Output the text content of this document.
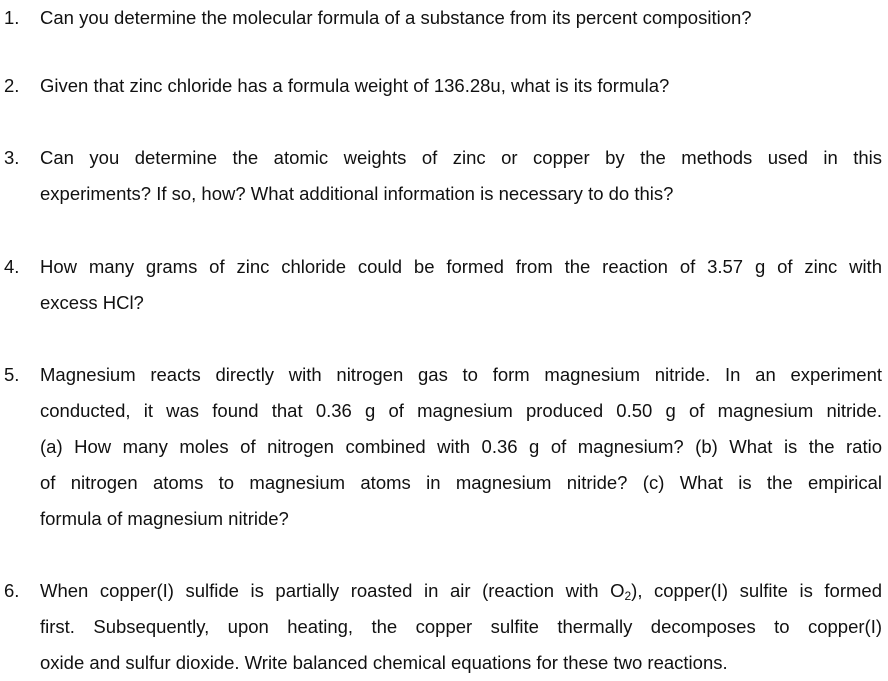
1. Can you determine the molecular formula of a substance from its percent composition?
2. Given that zinc chloride has a formula weight of 136.28u, what is its formula?
3. Can you determine the atomic weights of zinc or copper by the methods used in this
experiments? If so, how? What additional information is necessary to do this?
4. How many grams of zinc chloride could be formed from the reaction of 3.57 g of zinc with
excess HCl?
5. Magnesium reacts directly with nitrogen gas to form magnesium nitride. In an experiment
conducted, it was found that 0.36 g of magnesium produced 0.50 g of magnesium nitride.
(a) How many moles of nitrogen combined with 0.36 g of magnesium? (b) What is the ratio
of nitrogen atoms to magnesium atoms in magnesium nitride? (c) What is the empirical
formula of magnesium nitride?
6. When copper(I) sulfide is partially roasted in air (reaction with $O_2$), copper(I) sulfite is formed
first. Subsequently, upon heating, the copper sulfite thermally decomposes to copper(I)
oxide and sulfur dioxide. Write balanced chemical equations for these two reactions.
